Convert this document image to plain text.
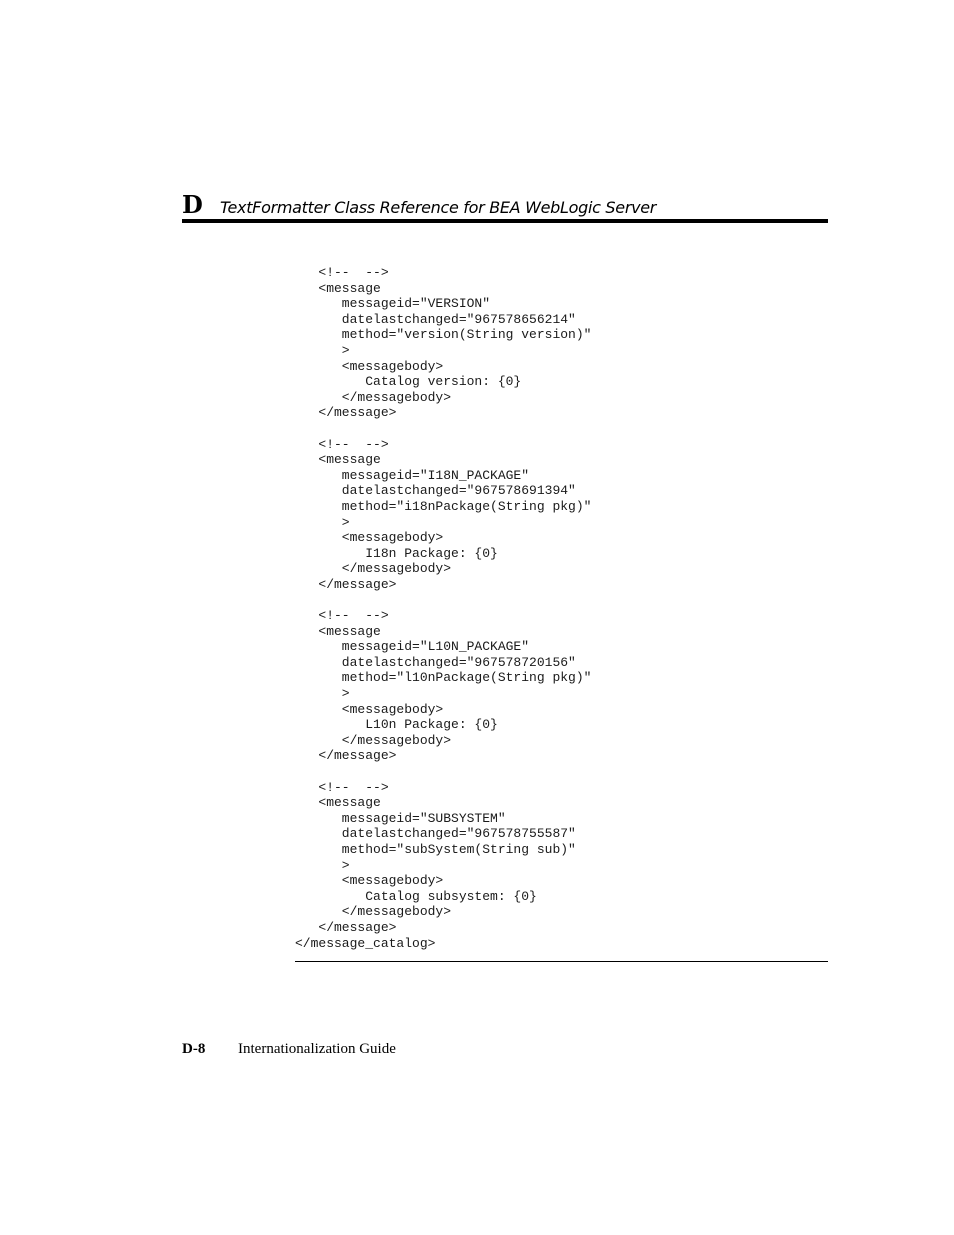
D TextFormatter Class Reference for BEA WebLogic Server
<!--  -->
<message
messageid="VERSION"
datelastchanged="967578656214"
method="version(String version)"
>
<messagebody>
Catalog version: {0}
</messagebody>
</message>
<!--  -->
<message
messageid="I18N_PACKAGE"
datelastchanged="967578691394"
method="i18nPackage(String pkg)"
>
<messagebody>
I18n Package: {0}
</messagebody>
</message>
<!--  -->
<message
messageid="L10N_PACKAGE"
datelastchanged="967578720156"
method="l10nPackage(String pkg)"
>
<messagebody>
L10n Package: {0}
</messagebody>
</message>
<!--  -->
<message
messageid="SUBSYSTEM"
datelastchanged="967578755587"
method="subSystem(String sub)"
>
<messagebody>
Catalog subsystem: {0}
</messagebody>
</message>
</message_catalog>
D-8 Internationalization Guide
